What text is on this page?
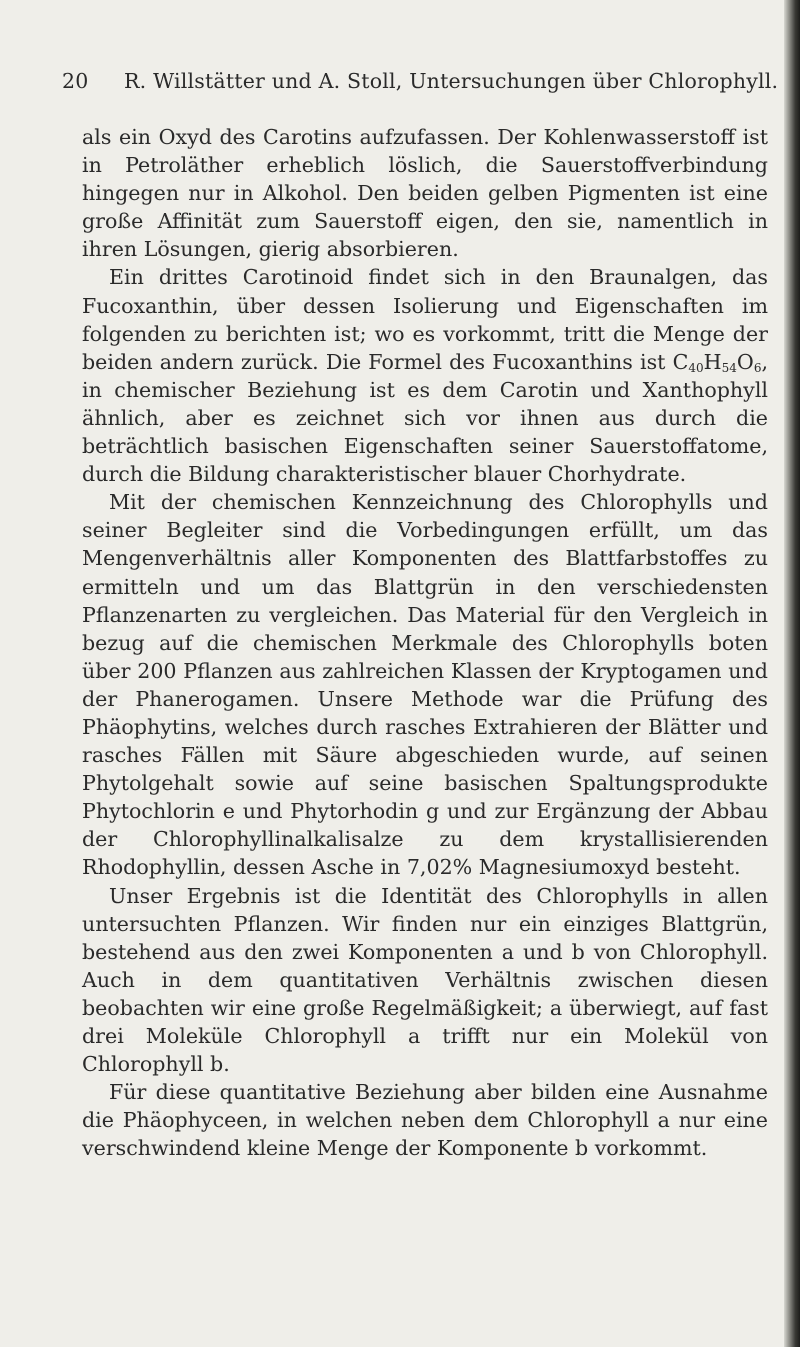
20 R. Willstätter und A. Stoll, Untersuchungen über Chlorophyll.

als ein Oxyd des Carotins aufzufassen. Der Kohlenwasserstoff ist in Petroläther erheblich löslich, die Sauerstoffverbindung hingegen nur in Alkohol. Den beiden gelben Pigmenten ist eine große Affinität zum Sauerstoff eigen, den sie, namentlich in ihren Lösungen, gierig absorbieren.

Ein drittes Carotinoid findet sich in den Braunalgen, das Fucoxanthin, über dessen Isolierung und Eigenschaften im folgenden zu berichten ist; wo es vorkommt, tritt die Menge der beiden andern zurück. Die Formel des Fucoxanthins ist $C_{40}H_{54}O_6$, in chemischer Beziehung ist es dem Carotin und Xanthophyll ähnlich, aber es zeichnet sich vor ihnen aus durch die beträchtlich basischen Eigenschaften seiner Sauerstoffatome, durch die Bildung charakteristischer blauer Chorhydrate.

Mit der chemischen Kennzeichnung des Chlorophylls und seiner Begleiter sind die Vorbedingungen erfüllt, um das Mengenverhältnis aller Komponenten des Blattfarbstoffes zu ermitteln und um das Blattgrün in den verschiedensten Pflanzenarten zu vergleichen. Das Material für den Vergleich in bezug auf die chemischen Merkmale des Chlorophylls boten über 200 Pflanzen aus zahlreichen Klassen der Kryptogamen und der Phanerogamen. Unsere Methode war die Prüfung des Phäophytins, welches durch rasches Extrahieren der Blätter und rasches Fällen mit Säure abgeschieden wurde, auf seinen Phytolgehalt sowie auf seine basischen Spaltungsprodukte Phytochlorin e und Phytorhodin g und zur Ergänzung der Abbau der Chlorophyllinalkalisalze zu dem krystallisierenden Rhodophyllin, dessen Asche in 7,02% Magnesiumoxyd besteht.

Unser Ergebnis ist die Identität des Chlorophylls in allen untersuchten Pflanzen. Wir finden nur ein einziges Blattgrün, bestehend aus den zwei Komponenten a und b von Chlorophyll. Auch in dem quantitativen Verhältnis zwischen diesen beobachten wir eine große Regelmäßigkeit; a überwiegt, auf fast drei Moleküle Chlorophyll a trifft nur ein Molekül von Chlorophyll b.

Für diese quantitative Beziehung aber bilden eine Ausnahme die Phäophyceen, in welchen neben dem Chlorophyll a nur eine verschwindend kleine Menge der Komponente b vorkommt.
